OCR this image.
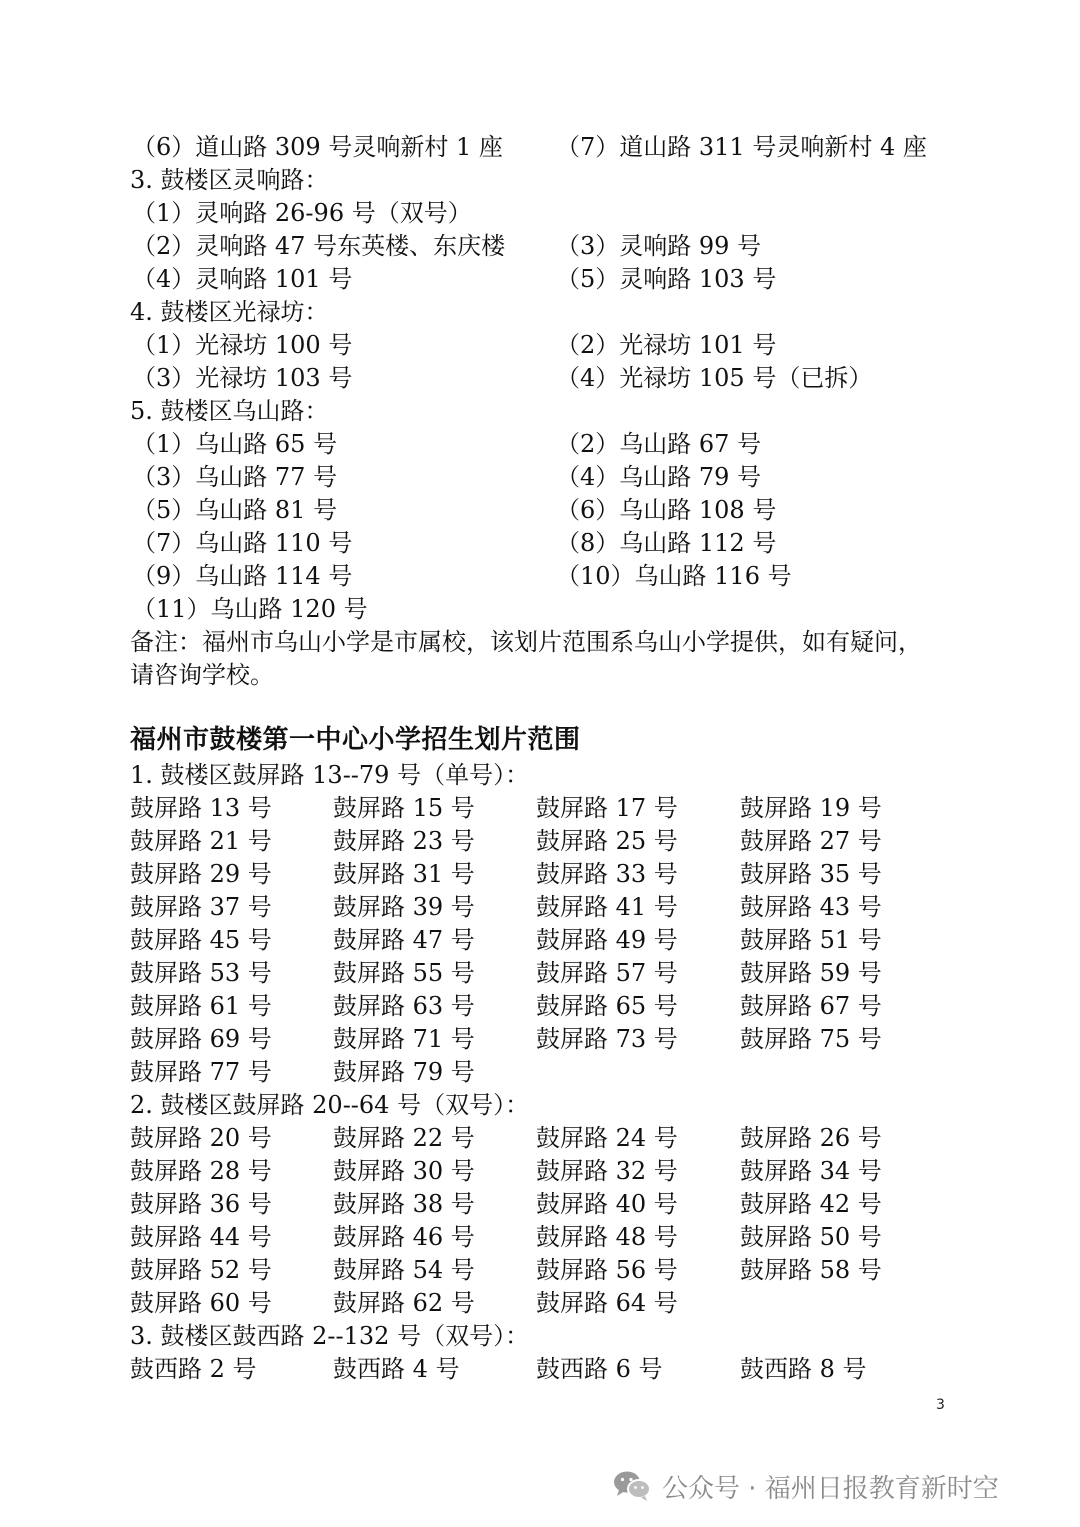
（6）道山路 309 号灵响新村 1 座 （7）道山路 311 号灵响新村 4 座
3. 鼓楼区灵响路：
（1）灵响路 26-96 号（双号）
（2）灵响路 47 号东英楼、东庆楼 （3）灵响路 99 号
（4）灵响路 101 号	（5）灵响路 103 号
4. 鼓楼区光禄坊：
（1）光禄坊 100 号	（2）光禄坊 101 号
（3）光禄坊 103 号	（4）光禄坊 105 号（已拆）
5. 鼓楼区乌山路：
（1）乌山路 65 号	（2）乌山路 67 号
（3）乌山路 77 号	（4）乌山路 79 号
（5）乌山路 81 号	（6）乌山路 108 号
（7）乌山路 110 号	（8）乌山路 112 号
（9）乌山路 114 号	（10）乌山路 116 号
（11）乌山路 120 号
备注：福州市乌山小学是市属校，该划片范围系乌山小学提供，如有疑问，
请咨询学校。
福州市鼓楼第一中心小学招生划片范围
1. 鼓楼区鼓屏路 13--79 号（单号）：
鼓屏路 13 号	鼓屏路 15 号	鼓屏路 17 号	鼓屏路 19 号
鼓屏路 21 号	鼓屏路 23 号	鼓屏路 25 号	鼓屏路 27 号
鼓屏路 29 号	鼓屏路 31 号	鼓屏路 33 号	鼓屏路 35 号
鼓屏路 37 号	鼓屏路 39 号	鼓屏路 41 号	鼓屏路 43 号
鼓屏路 45 号	鼓屏路 47 号	鼓屏路 49 号	鼓屏路 51 号
鼓屏路 53 号	鼓屏路 55 号	鼓屏路 57 号	鼓屏路 59 号
鼓屏路 61 号	鼓屏路 63 号	鼓屏路 65 号	鼓屏路 67 号
鼓屏路 69 号	鼓屏路 71 号	鼓屏路 73 号	鼓屏路 75 号
鼓屏路 77 号	鼓屏路 79 号
2. 鼓楼区鼓屏路 20--64 号（双号）：
鼓屏路 20 号	鼓屏路 22 号	鼓屏路 24 号	鼓屏路 26 号
鼓屏路 28 号	鼓屏路 30 号	鼓屏路 32 号	鼓屏路 34 号
鼓屏路 36 号	鼓屏路 38 号	鼓屏路 40 号	鼓屏路 42 号
鼓屏路 44 号	鼓屏路 46 号	鼓屏路 48 号	鼓屏路 50 号
鼓屏路 52 号	鼓屏路 54 号	鼓屏路 56 号	鼓屏路 58 号
鼓屏路 60 号	鼓屏路 62 号	鼓屏路 64 号
3. 鼓楼区鼓西路 2--132 号（双号）：
鼓西路 2 号	鼓西路 4 号	鼓西路 6 号	鼓西路 8 号
3
公众号 · 福州日报教育新时空
